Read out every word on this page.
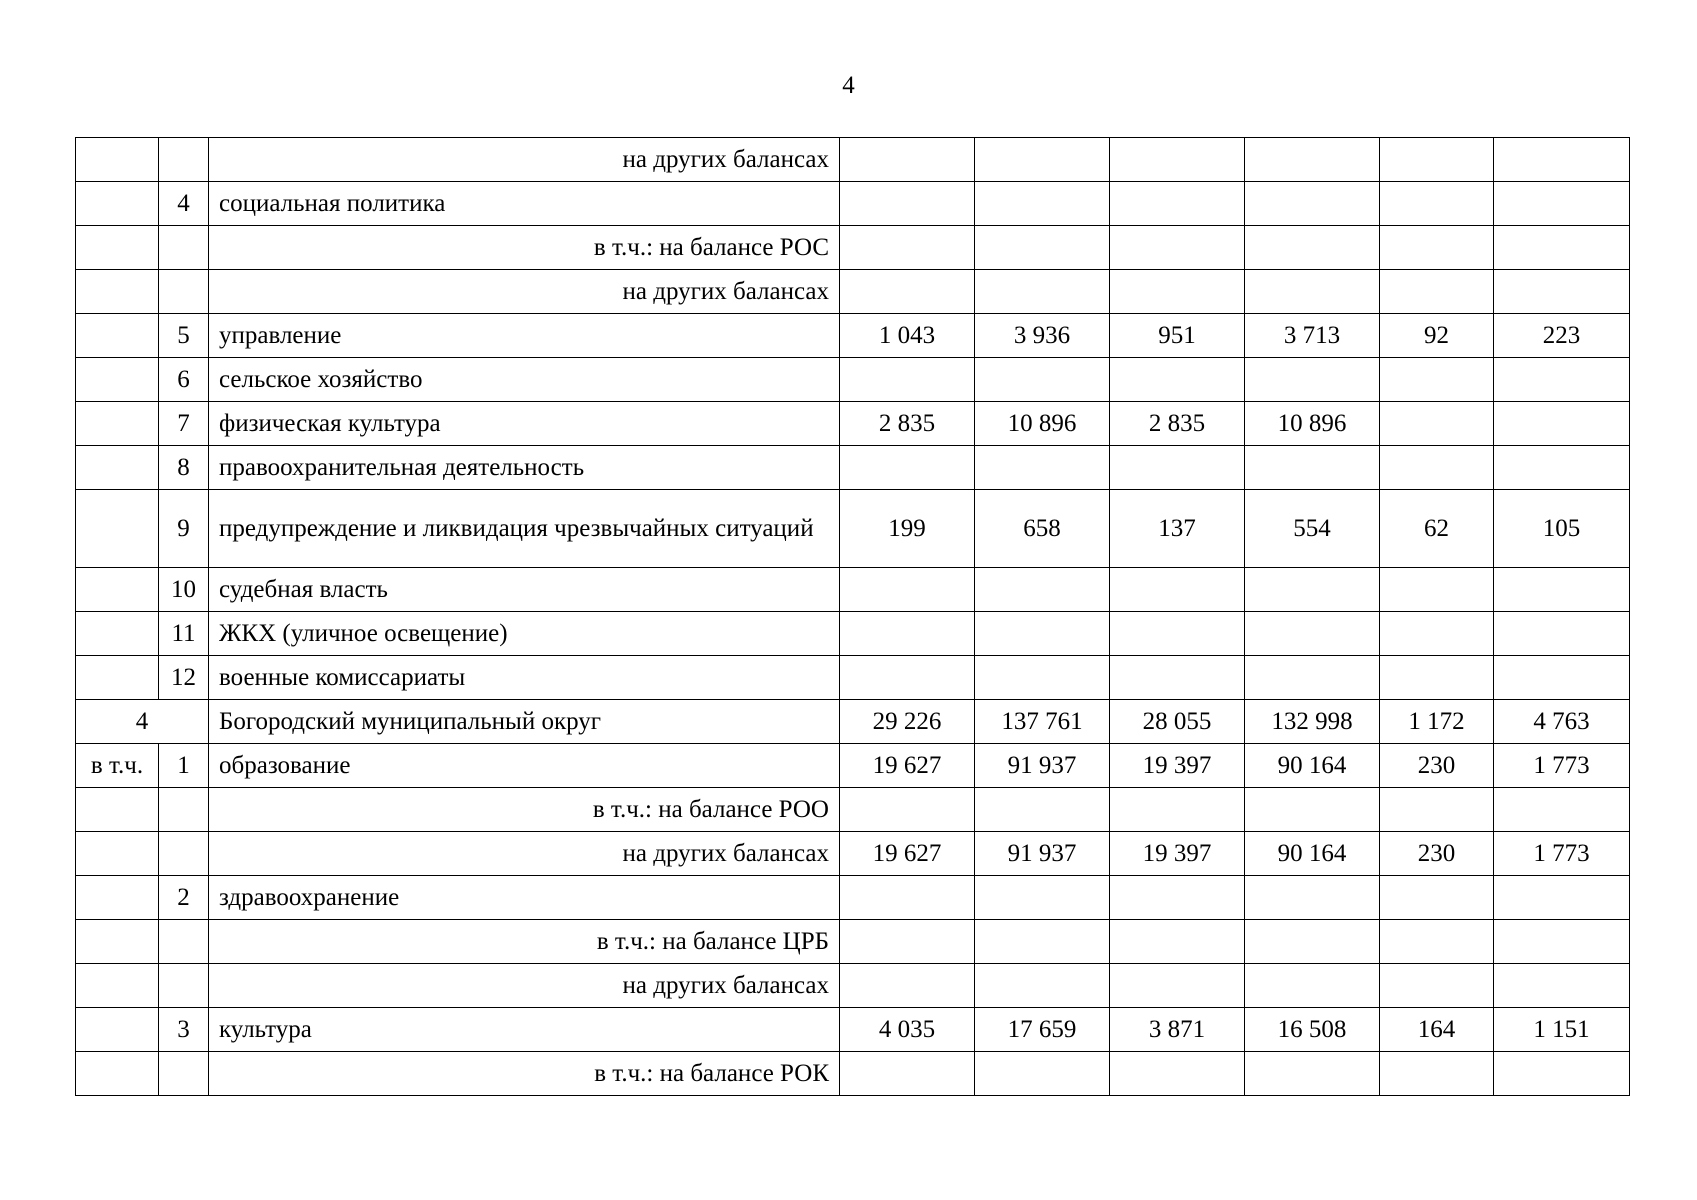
4
		на других балансах						
	4	социальная политика						
		в т.ч.: на балансе РОС						
		на других балансах						
	5	управление	1 043	3 936	951	3 713	92	223
	6	сельское хозяйство						
	7	физическая культура	2 835	10 896	2 835	10 896		
	8	правоохранительная деятельность						
	9	предупреждение и ликвидация чрезвычайных ситуаций	199	658	137	554	62	105
	10	судебная власть						
	11	ЖКХ (уличное освещение)						
	12	военные комиссариаты						
4		Богородский муниципальный округ	29 226	137 761	28 055	132 998	1 172	4 763
в т.ч.	1	образование	19 627	91 937	19 397	90 164	230	1 773
		в т.ч.: на балансе РОО						
		на других балансах	19 627	91 937	19 397	90 164	230	1 773
	2	здравоохранение						
		в т.ч.: на балансе ЦРБ						
		на других балансах						
	3	культура	4 035	17 659	3 871	16 508	164	1 151
		в т.ч.: на балансе РОК						
